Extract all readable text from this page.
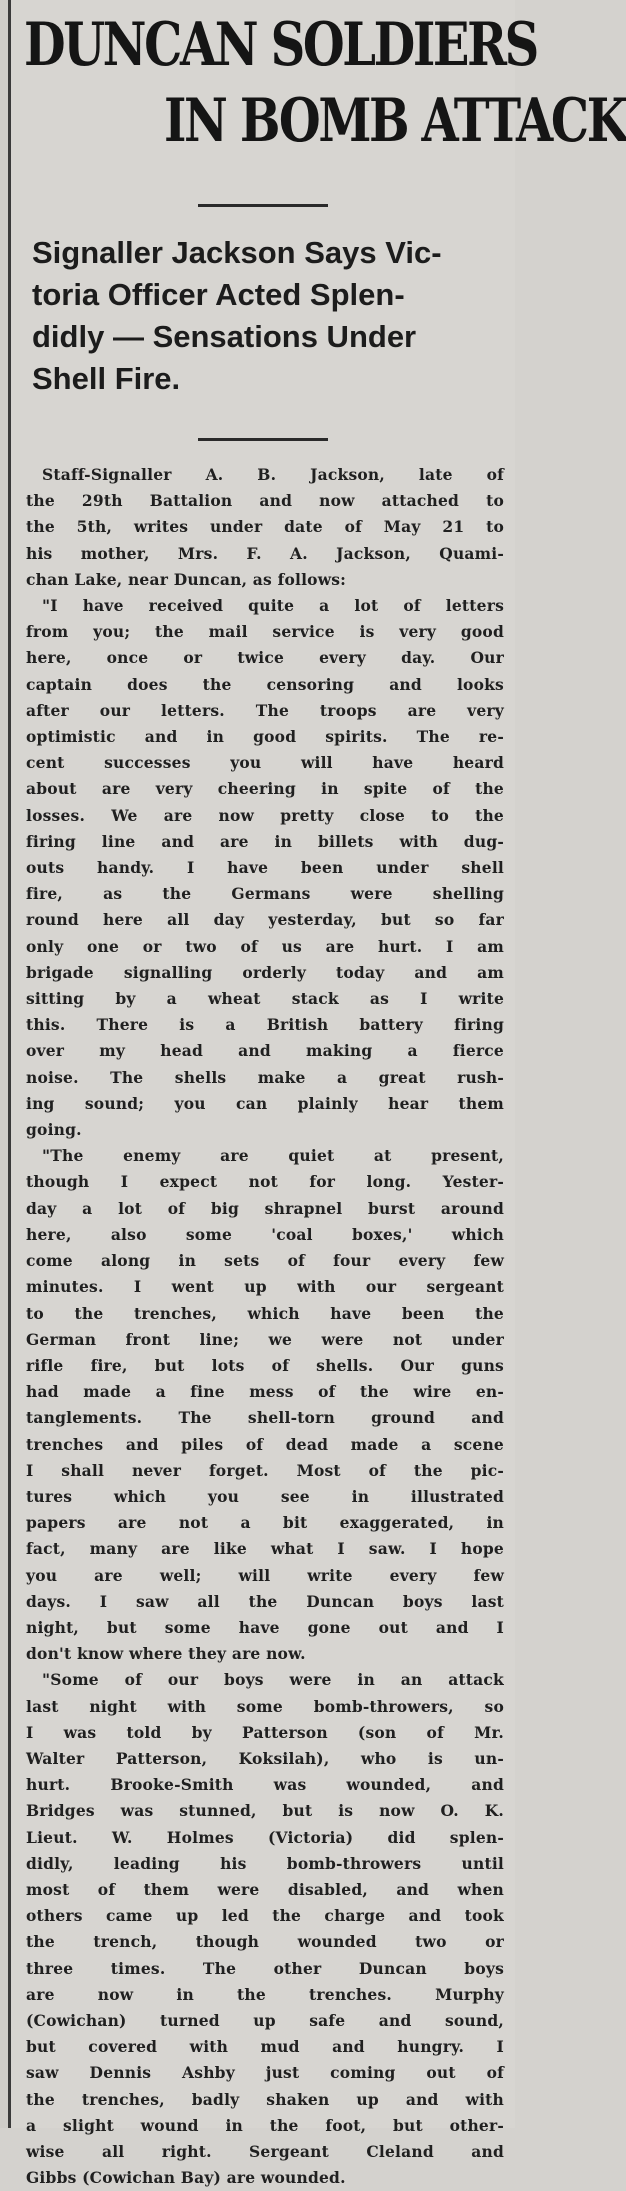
DUNCAN SOLDIERS
IN BOMB ATTACK
Signaller Jackson Says Vic-
toria Officer Acted Splen-
didly — Sensations Under
Shell Fire.
Staff-Signaller A. B. Jackson, late of
the 29th Battalion and now attached to
the 5th, writes under date of May 21 to
his mother, Mrs. F. A. Jackson, Quami-
chan Lake, near Duncan, as follows:
"I have received quite a lot of letters
from you; the mail service is very good
here, once or twice every day. Our
captain does the censoring and looks
after our letters. The troops are very
optimistic and in good spirits. The re-
cent successes you will have heard
about are very cheering in spite of the
losses. We are now pretty close to the
firing line and are in billets with dug-
outs handy. I have been under shell
fire, as the Germans were shelling
round here all day yesterday, but so far
only one or two of us are hurt. I am
brigade signalling orderly today and am
sitting by a wheat stack as I write
this. There is a British battery firing
over my head and making a fierce
noise. The shells make a great rush-
ing sound; you can plainly hear them
going.
"The enemy are quiet at present,
though I expect not for long. Yester-
day a lot of big shrapnel burst around
here, also some 'coal boxes,' which
come along in sets of four every few
minutes. I went up with our sergeant
to the trenches, which have been the
German front line; we were not under
rifle fire, but lots of shells. Our guns
had made a fine mess of the wire en-
tanglements. The shell-torn ground and
trenches and piles of dead made a scene
I shall never forget. Most of the pic-
tures which you see in illustrated
papers are not a bit exaggerated, in
fact, many are like what I saw. I hope
you are well; will write every few
days. I saw all the Duncan boys last
night, but some have gone out and I
don't know where they are now.
"Some of our boys were in an attack
last night with some bomb-throwers, so
I was told by Patterson (son of Mr.
Walter Patterson, Koksilah), who is un-
hurt. Brooke-Smith was wounded, and
Bridges was stunned, but is now O. K.
Lieut. W. Holmes (Victoria) did splen-
didly, leading his bomb-throwers until
most of them were disabled, and when
others came up led the charge and took
the trench, though wounded two or
three times. The other Duncan boys
are now in the trenches. Murphy
(Cowichan) turned up safe and sound,
but covered with mud and hungry. I
saw Dennis Ashby just coming out of
the trenches, badly shaken up and with
a slight wound in the foot, but other-
wise all right. Sergeant Cleland and
Gibbs (Cowichan Bay) are wounded.
